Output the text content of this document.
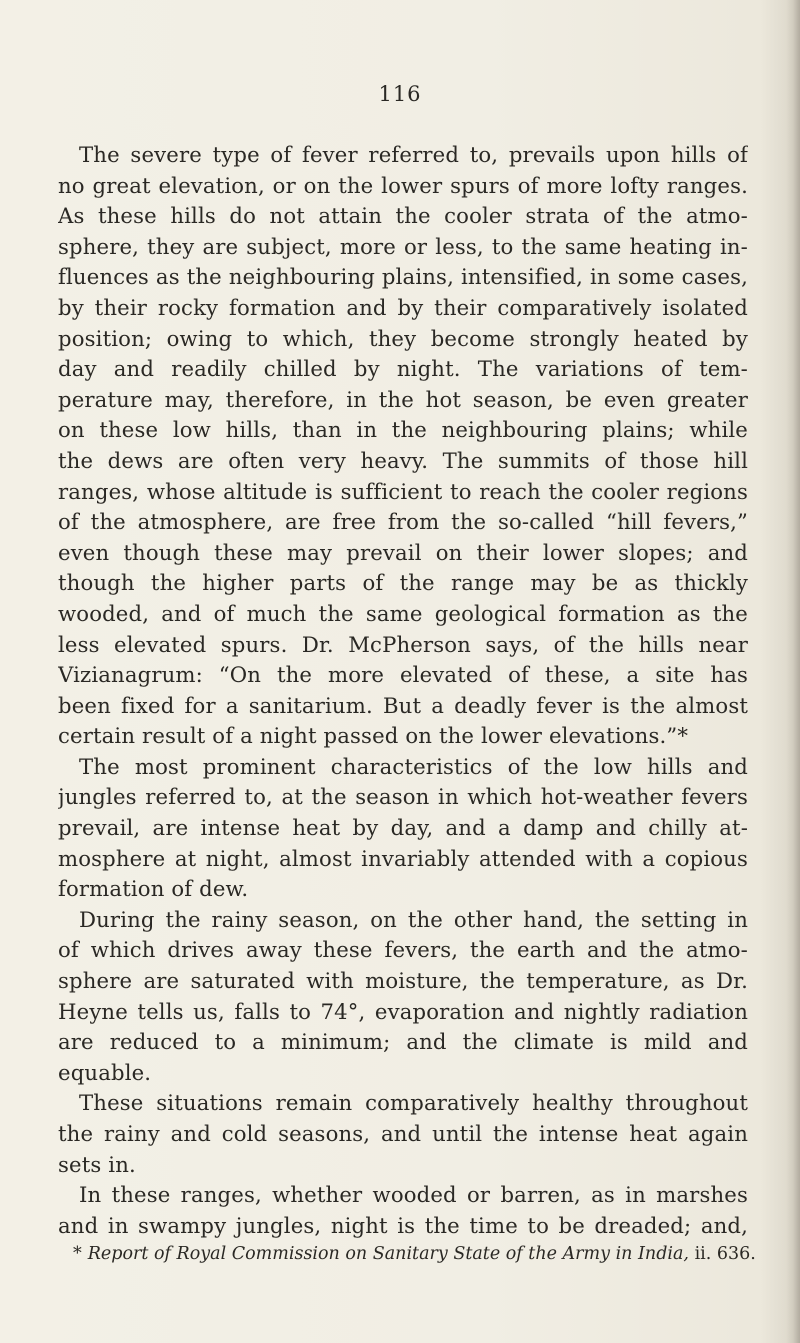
116
The severe type of fever referred to, prevails upon hills of
no great elevation, or on the lower spurs of more lofty ranges.
As these hills do not attain the cooler strata of the atmo-
sphere, they are subject, more or less, to the same heating in-
fluences as the neighbouring plains, intensified, in some cases,
by their rocky formation and by their comparatively isolated
position; owing to which, they become strongly heated by
day and readily chilled by night. The variations of tem-
perature may, therefore, in the hot season, be even greater
on these low hills, than in the neighbouring plains; while
the dews are often very heavy. The summits of those hill
ranges, whose altitude is sufficient to reach the cooler regions
of the atmosphere, are free from the so-called “hill fevers,”
even though these may prevail on their lower slopes; and
though the higher parts of the range may be as thickly
wooded, and of much the same geological formation as the
less elevated spurs. Dr. McPherson says, of the hills near
Vizianagrum: “On the more elevated of these, a site has
been fixed for a sanitarium. But a deadly fever is the almost
certain result of a night passed on the lower elevations.”*
The most prominent characteristics of the low hills and
jungles referred to, at the season in which hot-weather fevers
prevail, are intense heat by day, and a damp and chilly at-
mosphere at night, almost invariably attended with a copious
formation of dew.
During the rainy season, on the other hand, the setting in
of which drives away these fevers, the earth and the atmo-
sphere are saturated with moisture, the temperature, as Dr.
Heyne tells us, falls to 74°, evaporation and nightly radiation
are reduced to a minimum; and the climate is mild and
equable.
These situations remain comparatively healthy throughout
the rainy and cold seasons, and until the intense heat again
sets in.
In these ranges, whether wooded or barren, as in marshes
and in swampy jungles, night is the time to be dreaded; and,
* Report of Royal Commission on Sanitary State of the Army in India, ii. 636.
